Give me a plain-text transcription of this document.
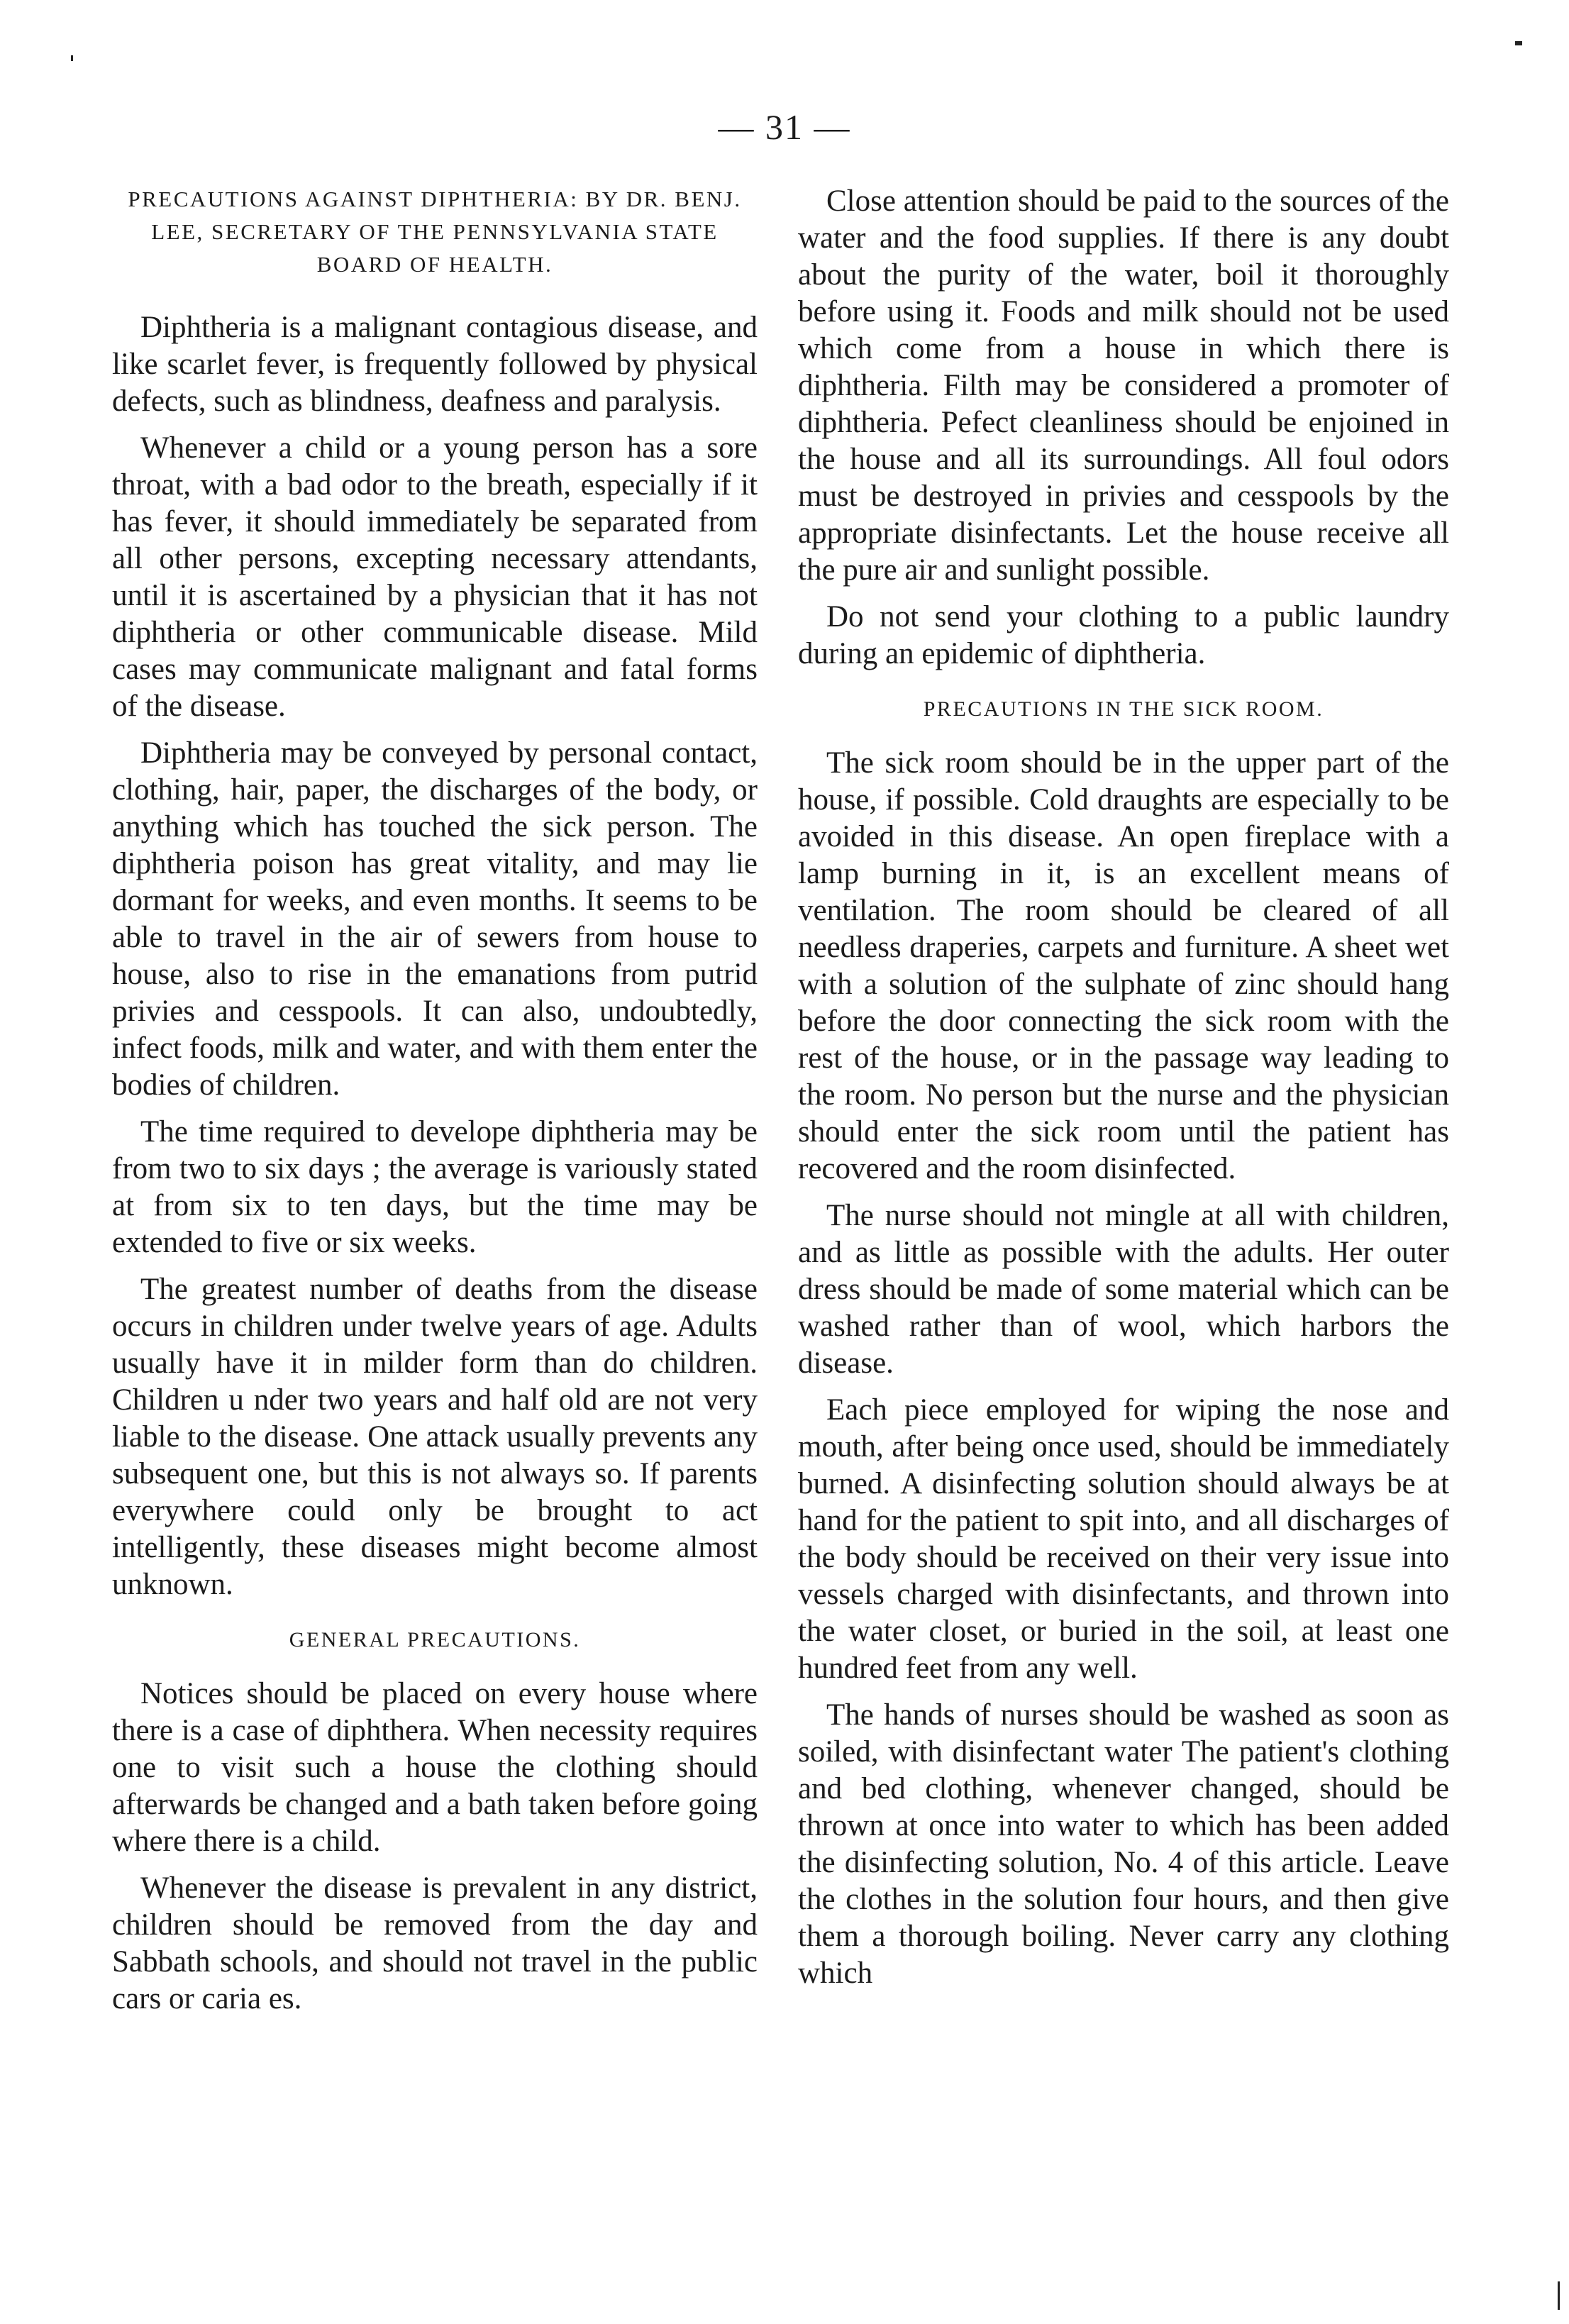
— 31 —
PRECAUTIONS AGAINST DIPHTHERIA: BY DR. BENJ. LEE, SECRETARY OF THE PENNSYLVANIA STATE BOARD OF HEALTH.

Diphtheria is a malignant contagious disease, and like scarlet fever, is frequently followed by physical defects, such as blindness, deafness and paralysis.

Whenever a child or a young person has a sore throat, with a bad odor to the breath, especially if it has fever, it should immediately be separated from all other persons, excepting necessary attendants, until it is ascertained by a physician that it has not diphtheria or other communicable disease. Mild cases may communicate malignant and fatal forms of the disease.

Diphtheria may be conveyed by personal contact, clothing, hair, paper, the discharges of the body, or anything which has touched the sick person. The diphtheria poison has great vitality, and may lie dormant for weeks, and even months. It seems to be able to travel in the air of sewers from house to house, also to rise in the emanations from putrid privies and cesspools. It can also, undoubtedly, infect foods, milk and water, and with them enter the bodies of children.

The time required to develope diphtheria may be from two to six days ; the average is variously stated at from six to ten days, but the time may be extended to five or six weeks.

The greatest number of deaths from the disease occurs in children under twelve years of age. Adults usually have it in milder form than do children. Children u nder two years and half old are not very liable to the disease. One attack usually prevents any subsequent one, but this is not always so. If parents everywhere could only be brought to act intelligently, these diseases might become almost unknown.

GENERAL PRECAUTIONS.

Notices should be placed on every house where there is a case of diphthera. When necessity requires one to visit such a house the clothing should afterwards be changed and a bath taken before going where there is a child.

Whenever the disease is prevalent in any district, children should be removed from the day and Sabbath schools, and should not travel in the public cars or caria es.

Close attention should be paid to the sources of the water and the food supplies. If there is any doubt about the purity of the water, boil it thoroughly before using it. Foods and milk should not be used which come from a house in which there is diphtheria. Filth may be considered a promoter of diphtheria. Pefect cleanliness should be enjoined in the house and all its surroundings. All foul odors must be destroyed in privies and cesspools by the appropriate disinfectants. Let the house receive all the pure air and sunlight possible.

Do not send your clothing to a public laundry during an epidemic of diphtheria.

PRECAUTIONS IN THE SICK ROOM.

The sick room should be in the upper part of the house, if possible. Cold draughts are especially to be avoided in this disease. An open fireplace with a lamp burning in it, is an excellent means of ventilation. The room should be cleared of all needless draperies, carpets and furniture. A sheet wet with a solution of the sulphate of zinc should hang before the door connecting the sick room with the rest of the house, or in the passage way leading to the room. No person but the nurse and the physician should enter the sick room until the patient has recovered and the room disinfected.

The nurse should not mingle at all with children, and as little as possible with the adults. Her outer dress should be made of some material which can be washed rather than of wool, which harbors the disease.

Each piece employed for wiping the nose and mouth, after being once used, should be immediately burned. A disinfecting solution should always be at hand for the patient to spit into, and all discharges of the body should be received on their very issue into vessels charged with disinfectants, and thrown into the water closet, or buried in the soil, at least one hundred feet from any well.

The hands of nurses should be washed as soon as soiled, with disinfectant water The patient's clothing and bed clothing, whenever changed, should be thrown at once into water to which has been added the disinfecting solution, No. 4 of this article. Leave the clothes in the solution four hours, and then give them a thorough boiling. Never carry any clothing which
